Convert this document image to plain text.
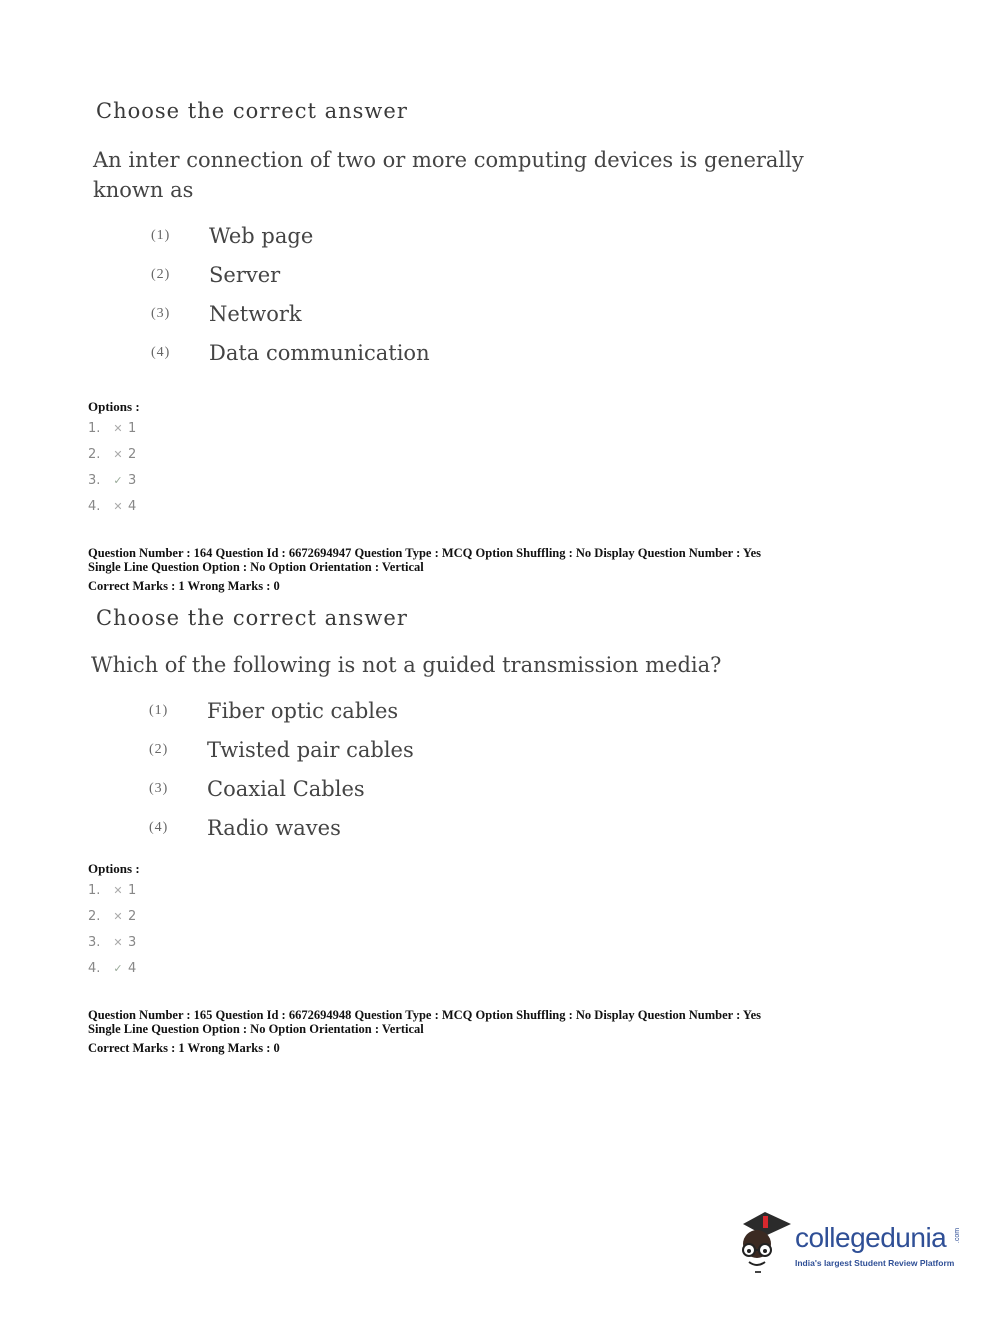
Choose the correct answer
An inter connection of two or more computing devices is generally known as
(1)	Web page
(2)	Server
(3)	Network
(4)	Data communication
Options :
1.	✕ 1
2.	✕ 2
3.	✓ 3
4.	✕ 4
Question Number : 164 Question Id : 6672694947 Question Type : MCQ Option Shuffling : No Display Question Number : Yes
Single Line Question Option : No Option Orientation : Vertical
Correct Marks : 1 Wrong Marks : 0
Choose the correct answer
Which of the following is not a guided transmission media?
(1)	Fiber optic cables
(2)	Twisted pair cables
(3)	Coaxial Cables
(4)	Radio waves
Options :
1.	✕ 1
2.	✕ 2
3.	✕ 3
4.	✓ 4
Question Number : 165 Question Id : 6672694948 Question Type : MCQ Option Shuffling : No Display Question Number : Yes
Single Line Question Option : No Option Orientation : Vertical
Correct Marks : 1 Wrong Marks : 0
collegedunia .com
India's largest Student Review Platform
